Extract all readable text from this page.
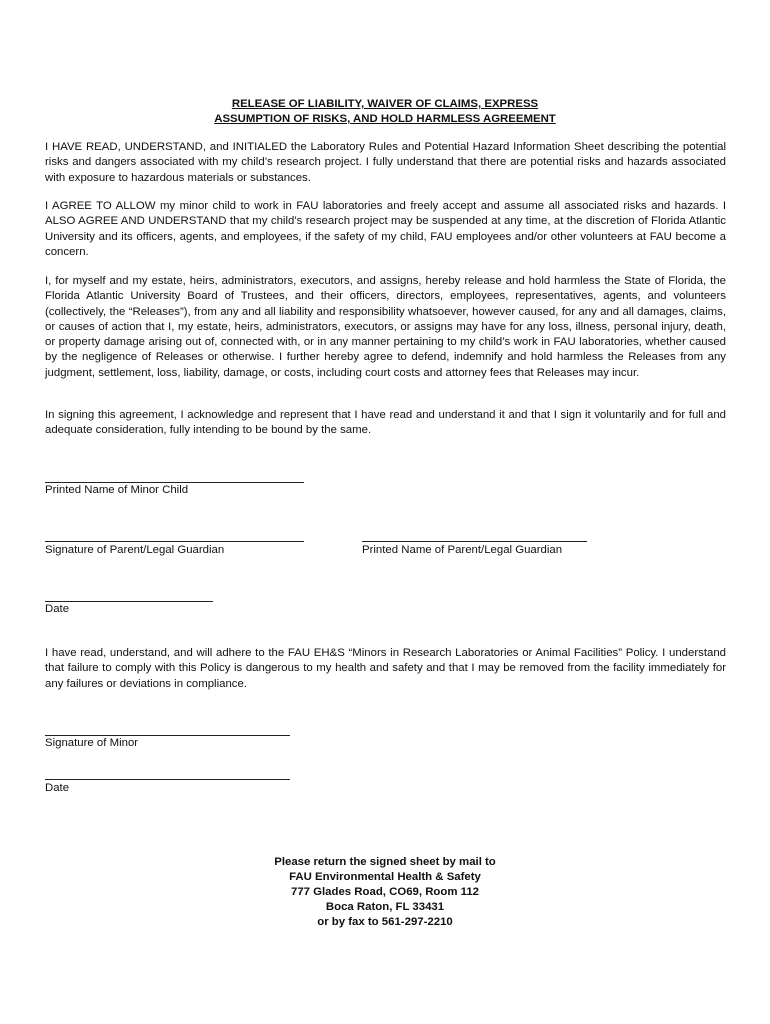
RELEASE OF LIABILITY, WAIVER OF CLAIMS, EXPRESS
ASSUMPTION OF RISKS, AND HOLD HARMLESS AGREEMENT

I HAVE READ, UNDERSTAND, and INITIALED the Laboratory Rules and Potential Hazard Information Sheet describing the potential risks and dangers associated with my child’s research project. I fully understand that there are potential risks and hazards associated with exposure to hazardous materials or substances.

I AGREE TO ALLOW my minor child to work in FAU laboratories and freely accept and assume all associated risks and hazards. I ALSO AGREE AND UNDERSTAND that my child’s research project may be suspended at any time, at the discretion of Florida Atlantic University and its officers, agents, and employees, if the safety of my child, FAU employees and/or other volunteers at FAU become a concern.

I, for myself and my estate, heirs, administrators, executors, and assigns, hereby release and hold harmless the State of Florida, the Florida Atlantic University Board of Trustees, and their officers, directors, employees, representatives, agents, and volunteers (collectively, the “Releases”), from any and all liability and responsibility whatsoever, however caused, for any and all damages, claims, or causes of action that I, my estate, heirs, administrators, executors, or assigns may have for any loss, illness, personal injury, death, or property damage arising out of, connected with, or in any manner pertaining to my child’s work in FAU laboratories, whether caused by the negligence of Releases or otherwise. I further hereby agree to defend, indemnify and hold harmless the Releases from any judgment, settlement, loss, liability, damage, or costs, including court costs and attorney fees that Releases may incur.

In signing this agreement, I acknowledge and represent that I have read and understand it and that I sign it voluntarily and for full and adequate consideration, fully intending to be bound by the same.

Printed Name of Minor Child
Signature of Parent/Legal Guardian	Printed Name of Parent/Legal Guardian
Date

I have read, understand, and will adhere to the FAU EH&S “Minors in Research Laboratories or Animal Facilities” Policy. I understand that failure to comply with this Policy is dangerous to my health and safety and that I may be removed from the facility immediately for any failures or deviations in compliance.

Signature of Minor
Date
Please return the signed sheet by mail to
FAU Environmental Health & Safety
777 Glades Road, CO69, Room 112
Boca Raton, FL 33431
or by fax to 561-297-2210
